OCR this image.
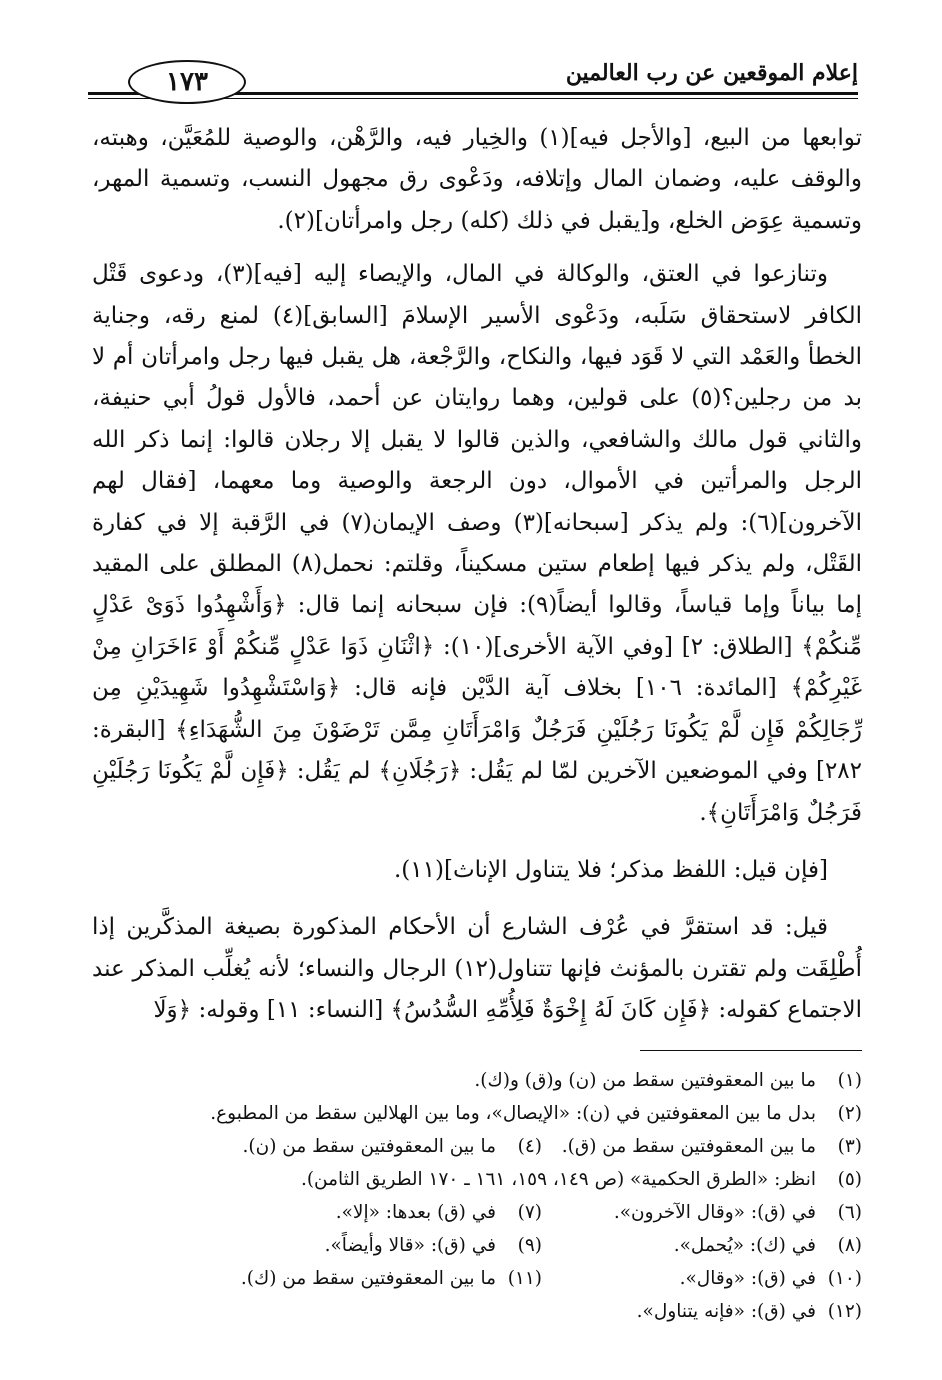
إعلام الموقعين عن رب العالمين
١٧٣

توابعها من البيع، [والأجل فيه](١) والخِيار فيه، والرَّهْن، والوصية للمُعَيَّن، وهبته، والوقف عليه، وضمان المال وإتلافه، ودَعْوى رق مجهول النسب، وتسمية المهر، وتسمية عِوَض الخلع، و[يقبل في ذلك (كله) رجل وامرأتان](٢).

وتنازعوا في العتق، والوكالة في المال، والإيصاء إليه [فيه](٣)، ودعوى قَتْل الكافر لاستحقاق سَلَبه، ودَعْوى الأسير الإسلامَ [السابق](٤) لمنع رقه، وجناية الخطأ والعَمْد التي لا قَوَد فيها، والنكاح، والرَّجْعة، هل يقبل فيها رجل وامرأتان أم لا بد من رجلين؟(٥) على قولين، وهما روايتان عن أحمد، فالأول قولُ أبي حنيفة، والثاني قول مالك والشافعي، والذين قالوا لا يقبل إلا رجلان قالوا: إنما ذكر الله الرجل والمرأتين في الأموال، دون الرجعة والوصية وما معهما، [فقال لهم الآخرون](٦): ولم يذكر [سبحانه](٣) وصف الإيمان(٧) في الرَّقبة إلا في كفارة القَتْل، ولم يذكر فيها إطعام ستين مسكيناً، وقلتم: نحمل(٨) المطلق على المقيد إما بياناً وإما قياساً، وقالوا أيضاً(٩): فإن سبحانه إنما قال: ﴿وَأَشْهِدُوا ذَوَىْ عَدْلٍ مِّنكُمْ﴾ [الطلاق: ٢] [وفي الآية الأخرى](١٠): ﴿اثْنَانِ ذَوَا عَدْلٍ مِّنكُمْ أَوْ ءَاخَرَانِ مِنْ غَيْرِكُمْ﴾ [المائدة: ١٠٦] بخلاف آية الدَّيْن فإنه قال: ﴿وَاسْتَشْهِدُوا شَهِيدَيْنِ مِن رِّجَالِكُمْ فَإِن لَّمْ يَكُونَا رَجُلَيْنِ فَرَجُلٌ وَامْرَأَتَانِ مِمَّن تَرْضَوْنَ مِنَ الشُّهَدَاءِ﴾ [البقرة: ٢٨٢] وفي الموضعين الآخرين لمّا لم يَقُل: ﴿رَجُلَانِ﴾ لم يَقُل: ﴿فَإِن لَّمْ يَكُونَا رَجُلَيْنِ فَرَجُلٌ وَامْرَأَتَانِ﴾.

[فإن قيل: اللفظ مذكر؛ فلا يتناول الإناث](١١).

قيل: قد استقرَّ في عُرْف الشارع أن الأحكام المذكورة بصيغة المذكَّرين إذا أُطْلِقَت ولم تقترن بالمؤنث فإنها تتناول(١٢) الرجال والنساء؛ لأنه يُغلِّب المذكر عند الاجتماع كقوله: ﴿فَإِن كَانَ لَهُ إِخْوَةٌ فَلِأُمِّهِ السُّدُسُ﴾ [النساء: ١١] وقوله: ﴿وَلَا

(١)
ما بين المعقوفتين سقط من (ن) و(ق) و(ك).
(٢)
بدل ما بين المعقوفتين في (ن): «الإيصال»، وما بين الهلالين سقط من المطبوع.
(٣)
ما بين المعقوفتين سقط من (ق).
(٤)
ما بين المعقوفتين سقط من (ن).
(٥)
انظر: «الطرق الحكمية» (ص ١٤٩، ١٥٩، ١٦١ ـ ١٧٠ الطريق الثامن).
(٦)
في (ق): «وقال الآخرون».
(٧)
في (ق) بعدها: «إلا».
(٨)
في (ك): «يُحمل».
(٩)
في (ق): «قالا وأيضاً».
(١٠)
في (ق): «وقال».
(١١)
ما بين المعقوفتين سقط من (ك).
(١٢)
في (ق): «فإنه يتناول».
